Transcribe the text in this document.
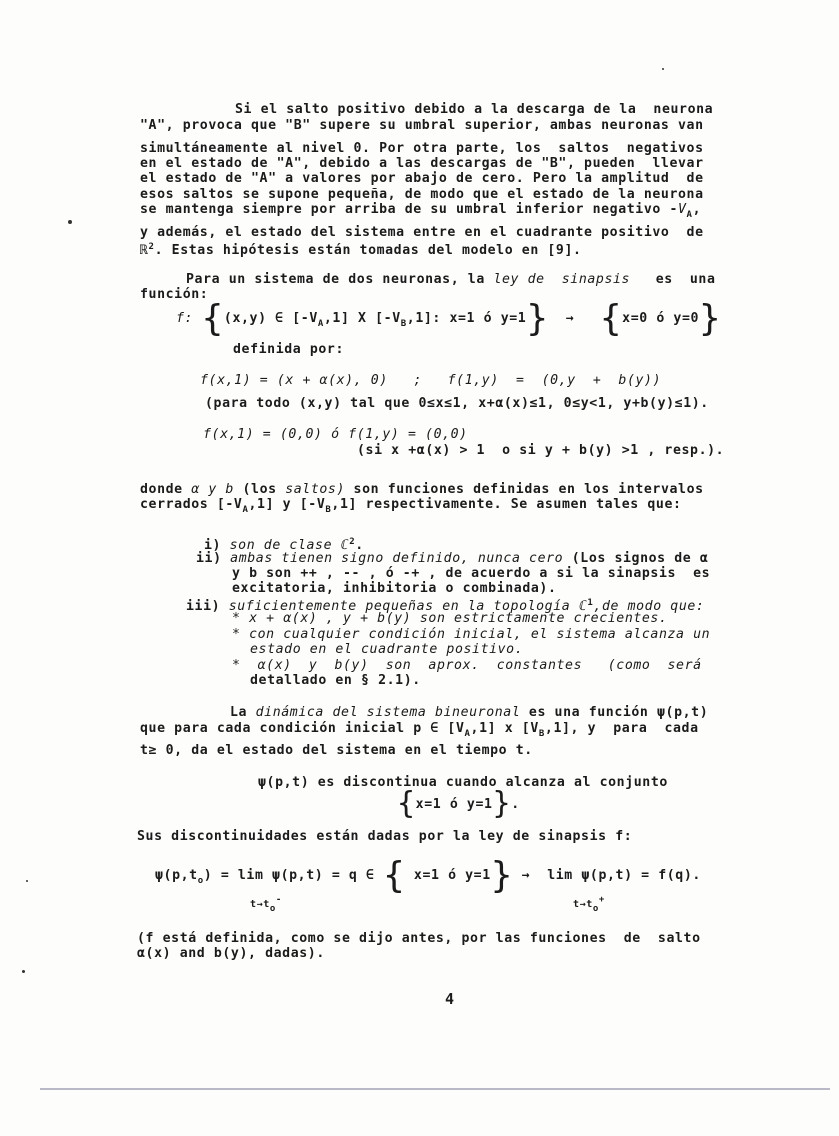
Si el salto positivo debido a la descarga de la  neurona
"A", provoca que "B" supere su umbral superior, ambas neuronas van
simultáneamente al nivel 0. Por otra parte, los  saltos  negativos
en el estado de "A", debido a las descargas de "B", pueden  llevar
el estado de "A" a valores por abajo de cero. Pero la amplitud  de
esos saltos se supone pequeña, de modo que el estado de la neurona
se mantenga siempre por arriba de su umbral inferior negativo $-V_A$,
y además, el estado del sistema entre en el cuadrante positivo  de
ℝ$^2$. Estas hipótesis están tomadas del modelo en [9].
Para un sistema de dos neuronas, la ley de  sinapsis es  una
función:
f: {(x,y) ∈ $[-V_A,1]$ X $[-V_B,1]$: x=1 ó y=1} → {x=0 ó y=0}
definida por:
f(x,1) = (x + α(x), 0)   ;   f(1,y)  =  (0,y  +  b(y))
(para todo (x,y) tal que 0≤x≤1, x+α(x)≤1, 0≤y<1, y+b(y)≤1).
f(x,1) = (0,0) ó f(1,y) = (0,0)
(si x +α(x) > 1  o si y + b(y) >1 , resp.).
donde α y b (los saltos) son funciones definidas en los intervalos
cerrados $[-V_A,1]$ y $[-V_B,1]$ respectivamente. Se asumen tales que:
i) son de clase ℂ$^2$.
ii) ambas tienen signo definido, nunca cero (Los signos de α
y b son ++ , -- , ó -+ , de acuerdo a si la sinapsis  es
excitatoria, inhibitoria o combinada).
iii) suficientemente pequeñas en la topología ℂ$^1$,de modo que:
* x + α(x) , y + b(y) son estrictamente crecientes.
* con cualquier condición inicial, el sistema alcanza un
estado en el cuadrante positivo.
*  α(x)  y  b(y)  son  aprox.  constantes   (como  será
detallado en § 2.1).
La dinámica del sistema bineuronal es una función ψ(p,t)
que para cada condición inicial p ∈ $[V_A,1]$ x $[V_B,1]$, y  para  cada
t≥ 0, da el estado del sistema en el tiempo t.
ψ(p,t) es discontinua cuando alcanza al conjunto
{x=1 ó y=1}.
Sus discontinuidades están dadas por la ley de sinapsis f:
$\psi(p,t_o) = \lim \psi(p,t) = q$ ∈ { x=1 ó y=1} →  lim ψ(p,t) = f(q).
t→to-	t→to+
(f está definida, como se dijo antes, por las funciones  de  salto
α(x) and b(y), dadas).
4
